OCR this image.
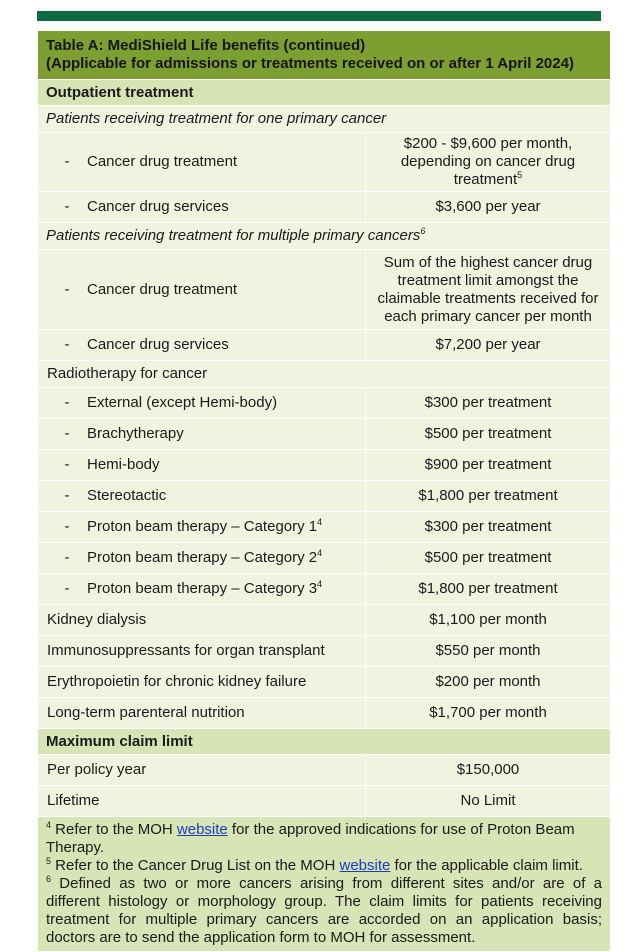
Table A: MediShield Life benefits (continued)
(Applicable for admissions or treatments received on or after 1 April 2024)	

Outpatient treatment	
Patients receiving treatment for one primary cancer	
- Cancer drug treatment	$200 - $9,600 per month, depending on cancer drug treatment$^5$
- Cancer drug services	$3,600 per year
Patients receiving treatment for multiple primary cancers$^6$
- Cancer drug treatment	Sum of the highest cancer drug treatment limit amongst the claimable treatments received for each primary cancer per month
- Cancer drug services	$7,200 per year
Radiotherapy for cancer	
- External (except Hemi-body)	$300 per treatment
- Brachytherapy	$500 per treatment
- Hemi-body	$900 per treatment
- Stereotactic	$1,800 per treatment
- Proton beam therapy – Category $1^4$	$300 per treatment
- Proton beam therapy – Category $2^4$	$500 per treatment
- Proton beam therapy – Category $3^4$	$1,800 per treatment
Kidney dialysis	$1,100 per month
Immunosuppressants for organ transplant	$550 per month
Erythropoietin for chronic kidney failure	$200 per month
Long-term parenteral nutrition	$1,700 per month
Maximum claim limit	
Per policy year	$150,000
Lifetime	No Limit

$^4$ Refer to the MOH website for the approved indications for use of Proton Beam Therapy.
$^5$ Refer to the Cancer Drug List on the MOH website for the applicable claim limit.
$^6$ Defined as two or more cancers arising from different sites and/or are of a different histology or morphology group. The claim limits for patients receiving treatment for multiple primary cancers are accorded on an application basis; doctors are to send the application form to MOH for assessment.	
